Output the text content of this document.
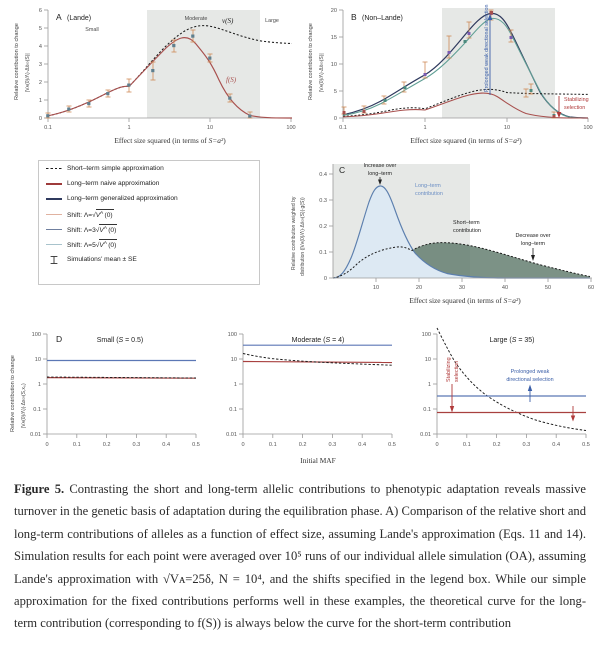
Relative contribution to change |Vᴀ(0)/Λ)·Δx̄∞(S)|
0
1
2
3
4
5
6
0.1	1	10	100
A (Lande)
Small
Moderate	Large
v(S)
f(S)
Effect size squared (in terms of S=a²)
Relative contribution to change |Vᴀ(0)/Λ)·Δx̄∞(S)|
0
5
10
15
20
0.1	1	10	100
B (Non–Lande)	Prolonged weak directional selection
Stabilizing
selection
Effect size squared (in terms of S=a²)
Short–term simple approximation
Long–term naive approximation
Long–term generalized approximation
Shift: $\Lambda=√V^A$ (0)
Shift: $\Lambda=3√V^A$ (0)
Shift: $\Lambda=5√V^A$ (0)
Simulations' mean ± SE	Relative contribution weighted by distribution (|Vᴀ(0)/Λ)·Δx̄∞(S)|·g(S))
0
0.1
0.2
0.3
0.4
10	20	30	40	50	60
C	Increase over
long–term
Long–term
contribution
Short–term
contribution
Decrease over
long–term
Effect size squared (in terms of S=a²)
Relative contribution to change |Vᴀ(0)/Λ)|·Δx∞(S,x₀)
100
10
1
0.1
0.01
0	0.1	0.2	0.3	0.4	0.5
D	Small (S = 0.5)
100
10
1
0.1
0.01
0	0.1	0.2	0.3	0.4	0.5
Moderate (S = 4)
100
10
1
0.1
0.01
0	0.1	0.2	0.3	0.4	0.5
Large (S = 35)
Stabilizing selection	Prolonged weak
directional selection
Initial MAF
Figure 5. Contrasting the short and long-term allelic contributions to phenotypic adaptation reveals massive turnover in the genetic basis of adaptation during the equilibration phase. A) Comparison of the relative short and long-term contributions of alleles as a function of effect size, assuming Lande's approximation (Eqs. 11 and 14). Simulation results for each point were averaged over 10⁵ runs of our individual allele simulation (OA), assuming Lande's approximation with √Vᴀ=25δ, N = 10⁴, and the shifts specified in the legend box. While our simple approximation for the fixed contributions performs well in these examples, the theoretical curve for the long-term contribution (corresponding to f(S)) is always below the curve for the short-term contribution
